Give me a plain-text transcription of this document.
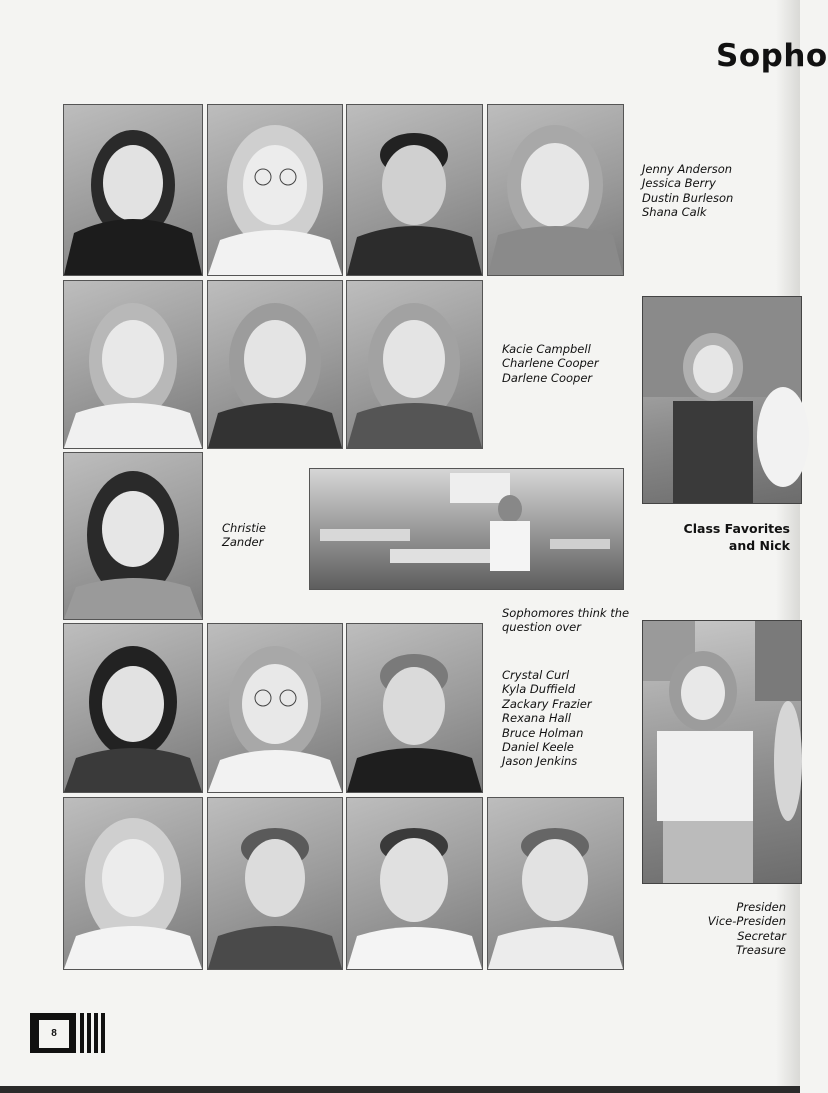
Sopho
Jenny Anderson
Jessica Berry
Dustin Burleson
Shana Calk
Kacie Campbell
Charlene Cooper
Darlene Cooper
Christie
Zander
Sophomores think the
question over
Crystal Curl
Kyla Duffield
Zackary Frazier
Rexana Hall
Bruce Holman
Daniel Keele
Jason Jenkins
Class Favorites
and Nick
Presiden
Vice-Presiden
Secretar
Treasure
8
